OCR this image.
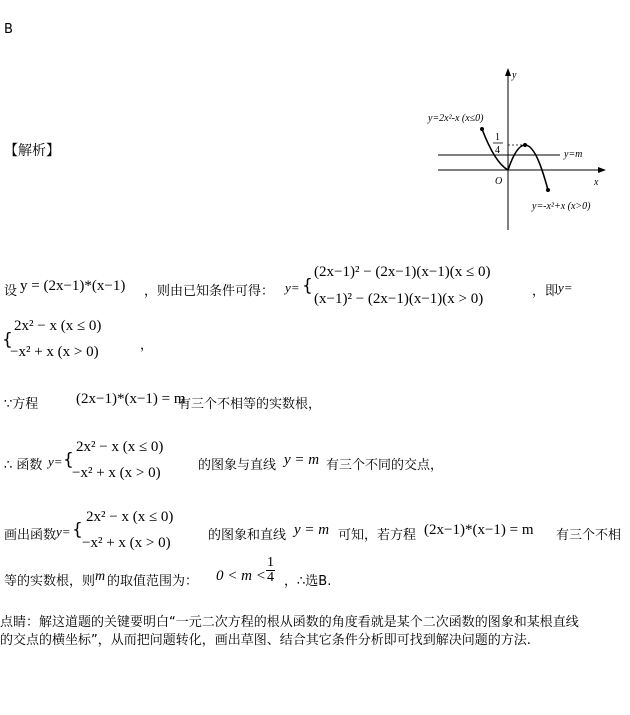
B
【解析】
y
x
O
y=2x²-x (x≤0)
y=m
y=-x²+x (x>0)
1
4
设 y = (2x−1)*(x−1) ，则由已知条件可得： y= {
(2x−1)² − (2x−1)(x−1)(x ≤ 0)
(x−1)² − (2x−1)(x−1)(x > 0)	，即 y=
{
2x² − x (x ≤ 0)
−x² + x (x > 0)	，
∵方程	(2x−1)*(x−1) = m
有三个不相等的实数根，
∴ 函数 y= {
2x² − x (x ≤ 0)
−x² + x (x > 0)	的图象与直线 y = m 有三个不同的交点，
画出函数 y= {
2x² − x (x ≤ 0)
−x² + x (x > 0)	的图象和直线 y = m 可知，若方程 (2x−1)*(x−1) = m 有三个不相
等的实数根，则 m 的取值范围为： $0 < m < \frac{1}{4}$ ，∴选B.
点睛：解这道题的关键要明白“一元二次方程的根从函数的角度看就是某个二次函数的图象和某根直线
的交点的横坐标”，从而把问题转化，画出草图、结合其它条件分析即可找到解决问题的方法.
